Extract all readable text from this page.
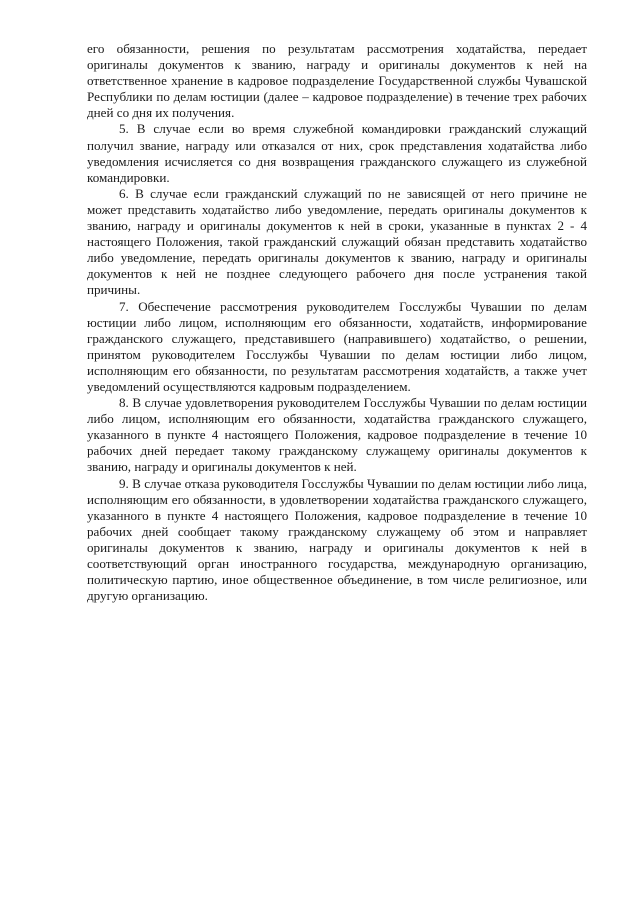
его обязанности, решения по результатам рассмотрения ходатайства, передает оригиналы документов к званию, награду и оригиналы документов к ней на ответственное хранение в кадровое подразделение Государственной службы Чувашской Республики по делам юстиции (далее – кадровое подразделение) в течение трех рабочих дней со дня их получения.

5. В случае если во время служебной командировки гражданский служащий получил звание, награду или отказался от них, срок представления ходатайства либо уведомления исчисляется со дня возвращения гражданского служащего из служебной командировки.

6. В случае если гражданский служащий по не зависящей от него причине не может представить ходатайство либо уведомление, передать оригиналы документов к званию, награду и оригиналы документов к ней в сроки, указанные в пунктах 2 - 4 настоящего Положения, такой гражданский служащий обязан представить ходатайство либо уведомление, передать оригиналы документов к званию, награду и оригиналы документов к ней не позднее следующего рабочего дня после устранения такой причины.

7. Обеспечение рассмотрения руководителем Госслужбы Чувашии по делам юстиции либо лицом, исполняющим его обязанности, ходатайств, информирование гражданского служащего, представившего (направившего) ходатайство, о решении, принятом руководителем Госслужбы Чувашии по делам юстиции либо лицом, исполняющим его обязанности, по результатам рассмотрения ходатайств, а также учет уведомлений осуществляются кадровым подразделением.

8. В случае удовлетворения руководителем Госслужбы Чувашии по делам юстиции либо лицом, исполняющим его обязанности, ходатайства гражданского служащего, указанного в пункте 4 настоящего Положения, кадровое подразделение в течение 10 рабочих дней передает такому гражданскому служащему оригиналы документов к званию, награду и оригиналы документов к ней.

9. В случае отказа руководителя Госслужбы Чувашии по делам юстиции либо лица, исполняющим его обязанности, в удовлетворении ходатайства гражданского служащего, указанного в пункте 4 настоящего Положения, кадровое подразделение в течение 10 рабочих дней сообщает такому гражданскому служащему об этом и направляет оригиналы документов к званию, награду и оригиналы документов к ней в соответствующий орган иностранного государства, международную организацию, политическую партию, иное общественное объединение, в том числе религиозное, или другую организацию.
